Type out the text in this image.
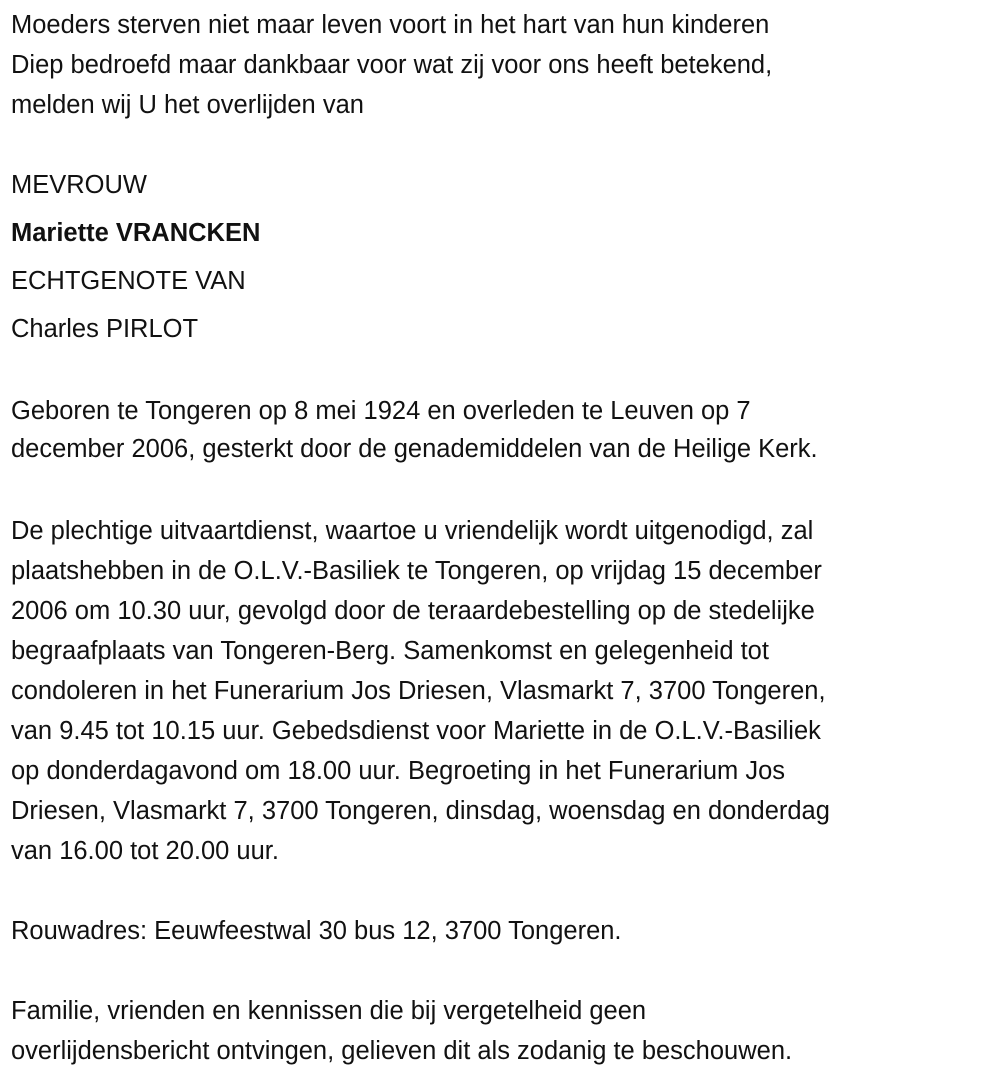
Moeders sterven niet maar leven voort in het hart van hun kinderen
Diep bedroefd maar dankbaar voor wat zij voor ons heeft betekend,
melden wij U het overlijden van
MEVROUW
Mariette VRANCKEN
ECHTGENOTE VAN
Charles PIRLOT
Geboren te Tongeren op 8 mei 1924 en overleden te Leuven op 7
december 2006, gesterkt door de genademiddelen van de Heilige Kerk.
De plechtige uitvaartdienst, waartoe u vriendelijk wordt uitgenodigd, zal
plaatshebben in de O.L.V.-Basiliek te Tongeren, op vrijdag 15 december
2006 om 10.30 uur, gevolgd door de teraardebestelling op de stedelijke
begraafplaats van Tongeren-Berg. Samenkomst en gelegenheid tot
condoleren in het Funerarium Jos Driesen, Vlasmarkt 7, 3700 Tongeren,
van 9.45 tot 10.15 uur. Gebedsdienst voor Mariette in de O.L.V.-Basiliek
op donderdagavond om 18.00 uur. Begroeting in het Funerarium Jos
Driesen, Vlasmarkt 7, 3700 Tongeren, dinsdag, woensdag en donderdag
van 16.00 tot 20.00 uur.
Rouwadres: Eeuwfeestwal 30 bus 12, 3700 Tongeren.
Familie, vrienden en kennissen die bij vergetelheid geen
overlijdensbericht ontvingen, gelieven dit als zodanig te beschouwen.
